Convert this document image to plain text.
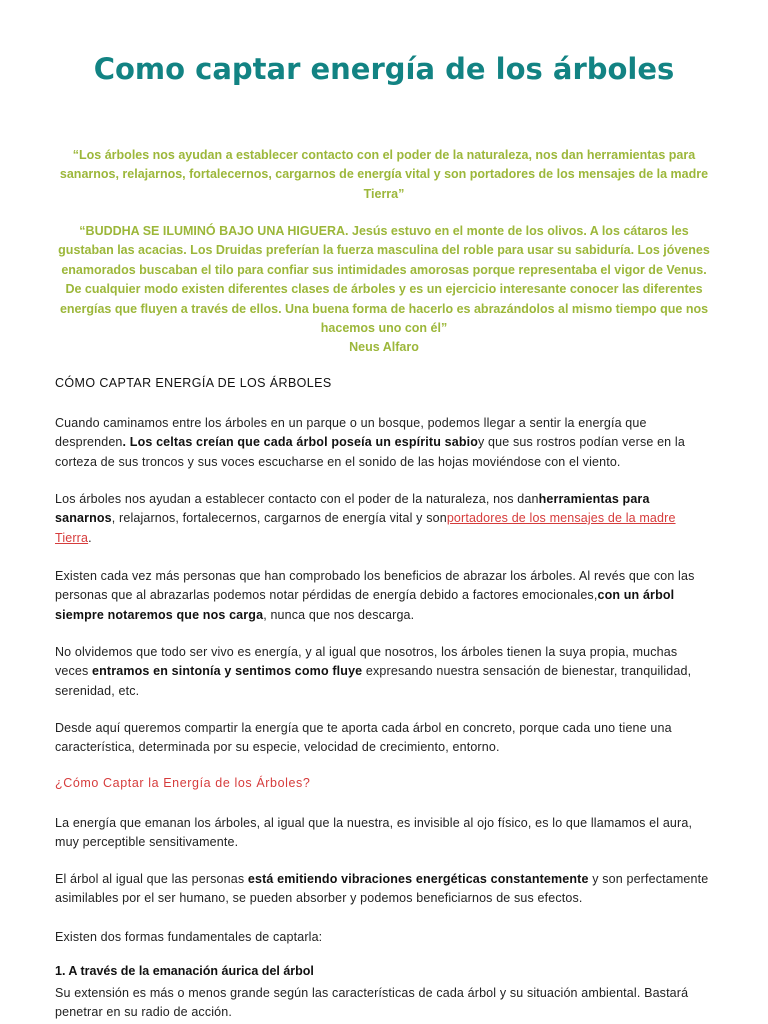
Como captar energía de los árboles

“Los árboles nos ayudan a establecer contacto con el poder de la naturaleza, nos dan herramientas para sanarnos, relajarnos, fortalecernos, cargarnos de energía vital y son portadores de los mensajes de la madre Tierra”

“BUDDHA SE ILUMINÓ BAJO UNA HIGUERA. Jesús estuvo en el monte de los olivos. A los cátaros les gustaban las acacias. Los Druidas preferían la fuerza masculina del roble para usar su sabiduría. Los jóvenes enamorados buscaban el tilo para confiar sus intimidades amorosas porque representaba el vigor de Venus. De cualquier modo existen diferentes clases de árboles y es un ejercicio interesante conocer las diferentes energías que fluyen a través de ellos. Una buena forma de hacerlo es abrazándolos al mismo tiempo que nos hacemos uno con él”
Neus Alfaro

CÓMO CAPTAR ENERGÍA DE LOS ÁRBOLES

Cuando caminamos entre los árboles en un parque o un bosque, podemos llegar a sentir la energía que desprenden. Los celtas creían que cada árbol poseía un espíritu sabioy que sus rostros podían verse en la corteza de sus troncos y sus voces escucharse en el sonido de las hojas moviéndose con el viento.

Los árboles nos ayudan a establecer contacto con el poder de la naturaleza, nos danherramientas para sanarnos, relajarnos, fortalecernos, cargarnos de energía vital y sonportadores de los mensajes de la madre Tierra.

Existen cada vez más personas que han comprobado los beneficios de abrazar los árboles. Al revés que con las personas que al abrazarlas podemos notar pérdidas de energía debido a factores emocionales,con un árbol siempre notaremos que nos carga, nunca que nos descarga.

No olvidemos que todo ser vivo es energía, y al igual que nosotros, los árboles tienen la suya propia, muchas veces entramos en sintonía y sentimos como fluye expresando nuestra sensación de bienestar, tranquilidad, serenidad, etc.

Desde aquí queremos compartir la energía que te aporta cada árbol en concreto, porque cada uno tiene una característica, determinada por su especie, velocidad de crecimiento, entorno.

¿Cómo Captar la Energía de los Árboles?

La energía que emanan los árboles, al igual que la nuestra, es invisible al ojo físico, es lo que llamamos el aura, muy perceptible sensitivamente.

El árbol al igual que las personas está emitiendo vibraciones energéticas constantemente y son perfectamente asimilables por el ser humano, se pueden absorber y podemos beneficiarnos de sus efectos.

Existen dos formas fundamentales de captarla:

1. A través de la emanación áurica del árbol

Su extensión es más o menos grande según las características de cada árbol y su situación ambiental. Bastará penetrar en su radio de acción.
